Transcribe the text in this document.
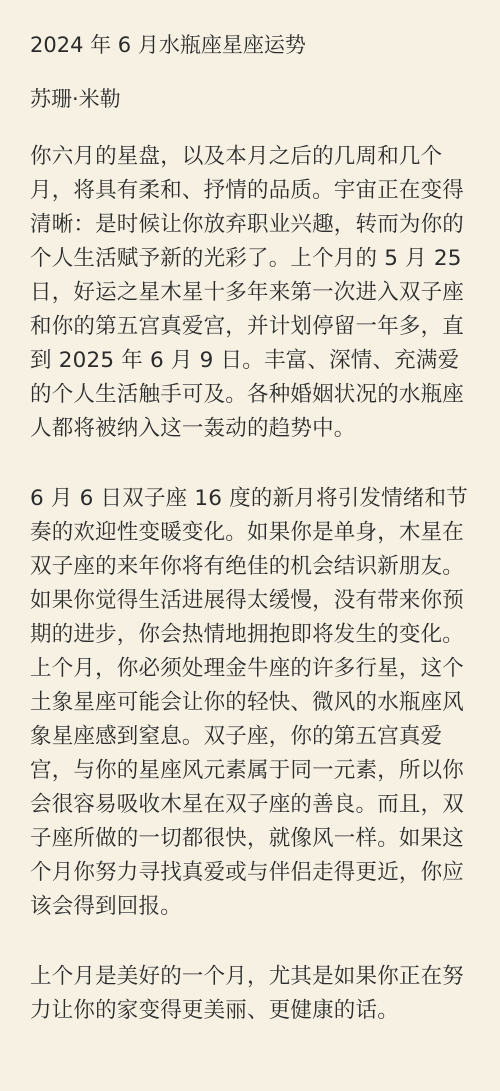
2024 年 6 月水瓶座星座运势
苏珊·米勒

你六月的星盘，以及本月之后的几周和几个月，将具有柔和、抒情的品质。宇宙正在变得清晰：是时候让你放弃职业兴趣，转而为你的个人生活赋予新的光彩了。上个月的 5 月 25 日，好运之星木星十多年来第一次进入双子座和你的第五宫真爱宫，并计划停留一年多，直到 2025 年 6 月 9 日。丰富、深情、充满爱的个人生活触手可及。各种婚姻状况的水瓶座人都将被纳入这一轰动的趋势中。

6 月 6 日双子座 16 度的新月将引发情绪和节奏的欢迎性变暖变化。如果你是单身，木星在双子座的来年你将有绝佳的机会结识新朋友。如果你觉得生活进展得太缓慢，没有带来你预期的进步，你会热情地拥抱即将发生的变化。上个月，你必须处理金牛座的许多行星，这个土象星座可能会让你的轻快、微风的水瓶座风象星座感到窒息。双子座，你的第五宫真爱宫，与你的星座风元素属于同一元素，所以你会很容易吸收木星在双子座的善良。而且，双子座所做的一切都很快，就像风一样。如果这个月你努力寻找真爱或与伴侣走得更近，你应该会得到回报。

上个月是美好的一个月，尤其是如果你正在努力让你的家变得更美丽、更健康的话。
